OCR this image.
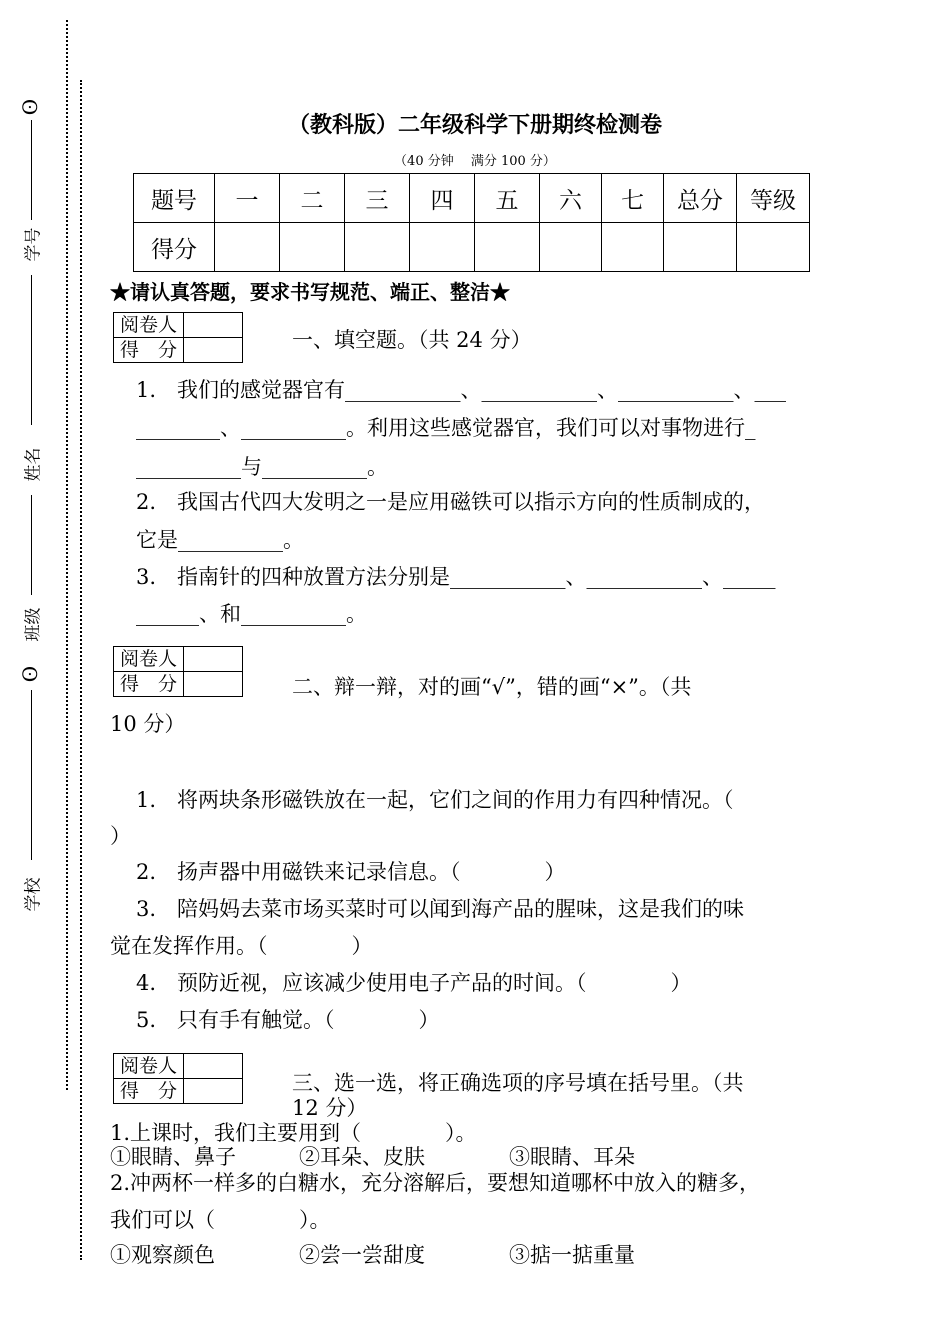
ʘ
学号
姓名
班级
ʘ
学校
（教科版）二年级科学下册期终检测卷
（40 分钟　 满分 100 分）
题号	一	二	三	四	五	六	七	总分	等级
得分									
★请认真答题，要求书写规范、端正、整洁★
阅卷人	
得　分		一、填空题。（共 24 分）
1.　我们的感觉器官有___________、___________、___________、___
________、__________。利用这些感觉器官，我们可以对事物进行_
__________与__________。
2.　我国古代四大发明之一是应用磁铁可以指示方向的性质制成的，
它是__________。
3.　指南针的四种放置方法分别是___________、___________、_____
______、和__________。
阅卷人	
得　分		二、辩一辩，对的画“√”，错的画“×”。（共
10 分）
1.　将两块条形磁铁放在一起，它们之间的作用力有四种情况。（
）
2.　扬声器中用磁铁来记录信息。（　　　　）
3.　陪妈妈去菜市场买菜时可以闻到海产品的腥味，这是我们的味
觉在发挥作用。（　　　　）
4.　预防近视，应该减少使用电子产品的时间。（　　　　）
5.　只有手有触觉。（　　　　）
阅卷人	
得　分		三、选一选，将正确选项的序号填在括号里。（共
12 分）
1.上课时，我们主要用到（　　　　）。
①眼睛、鼻子　　　②耳朵、皮肤　　　　③眼睛、耳朵
2.冲两杯一样多的白糖水，充分溶解后，要想知道哪杯中放入的糖多，
我们可以（　　　　）。
①观察颜色　　　　②尝一尝甜度　　　　③掂一掂重量
